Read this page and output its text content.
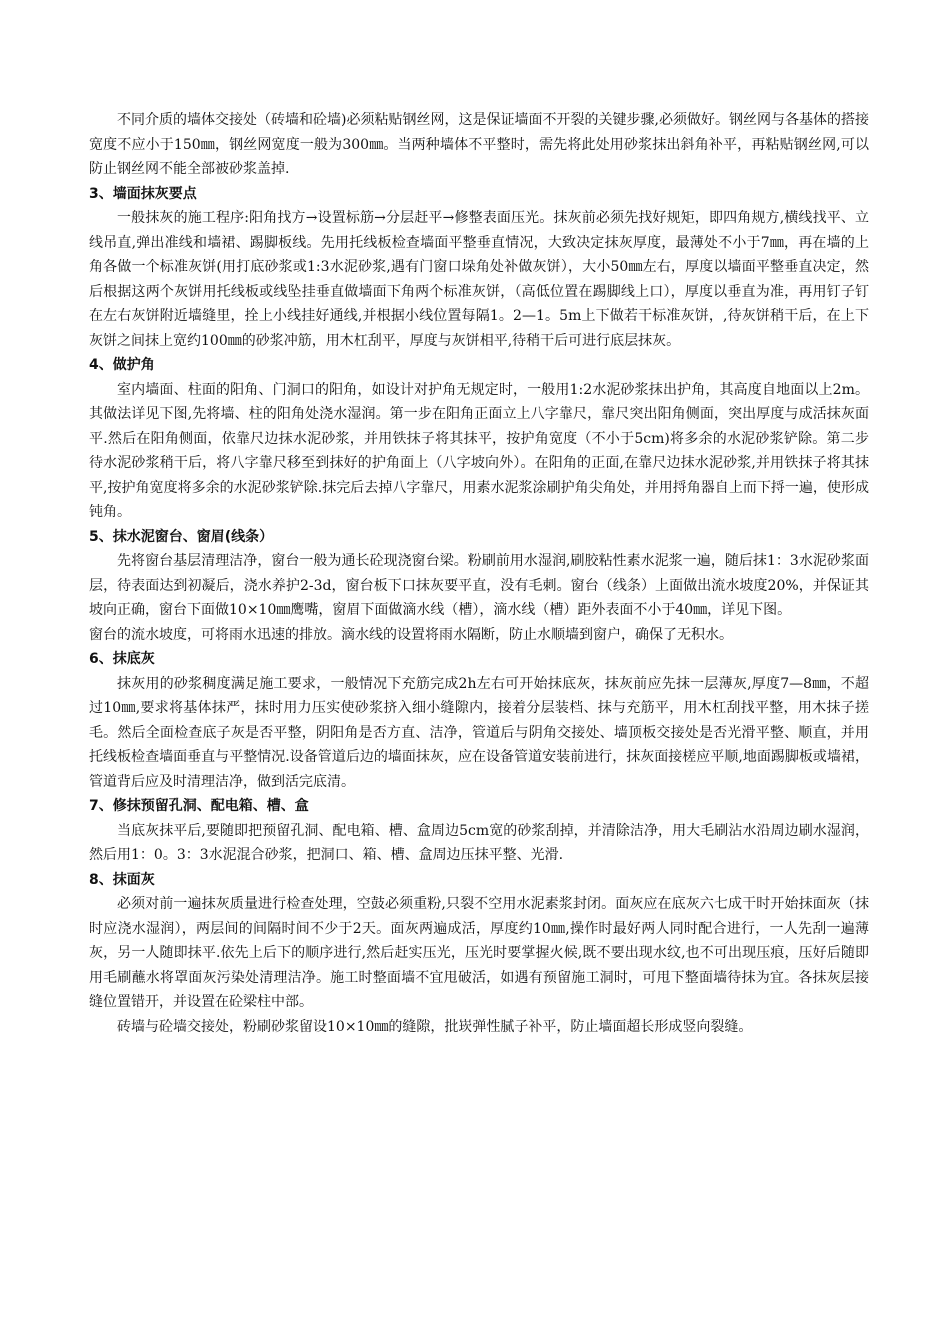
不同介质的墙体交接处（砖墙和砼墙)必须粘贴钢丝网，这是保证墙面不开裂的关键步骤,必须做好。钢丝网与各基体的搭接宽度不应小于150㎜，钢丝网宽度一般为300㎜。当两种墙体不平整时，需先将此处用砂浆抹出斜角补平，再粘贴钢丝网,可以防止钢丝网不能全部被砂浆盖掉.

3、墙面抹灰要点

一般抹灰的施工程序:阳角找方→设置标筋→分层赶平→修整表面压光。抹灰前必须先找好规矩，即四角规方,横线找平、立线吊直,弹出准线和墙裙、踢脚板线。先用托线板检查墙面平整垂直情况，大致决定抹灰厚度，最薄处不小于7㎜，再在墙的上角各做一个标准灰饼(用打底砂浆或1:3水泥砂浆,遇有门窗口垛角处补做灰饼），大小50㎜左右，厚度以墙面平整垂直决定，然后根据这两个灰饼用托线板或线坠挂垂直做墙面下角两个标准灰饼，（高低位置在踢脚线上口），厚度以垂直为准，再用钉子钉在左右灰饼附近墙缝里，拴上小线挂好通线,并根据小线位置每隔1。2—1。5m上下做若干标准灰饼，,待灰饼稍干后，在上下灰饼之间抹上宽约100㎜的砂浆冲筋，用木杠刮平，厚度与灰饼相平,待稍干后可进行底层抹灰。

4、做护角

室内墙面、柱面的阳角、门洞口的阳角，如设计对护角无规定时，一般用1:2水泥砂浆抹出护角，其高度自地面以上2m。其做法详见下图,先将墙、柱的阳角处浇水湿润。第一步在阳角正面立上八字靠尺，靠尺突出阳角侧面，突出厚度与成活抹灰面平.然后在阳角侧面，依靠尺边抹水泥砂浆，并用铁抹子将其抹平，按护角宽度（不小于5cm)将多余的水泥砂浆铲除。第二步待水泥砂浆稍干后，将八字靠尺移至到抹好的护角面上（八字坡向外）。在阳角的正面,在靠尺边抹水泥砂浆,并用铁抹子将其抹平,按护角宽度将多余的水泥砂浆铲除.抹完后去掉八字靠尺，用素水泥浆涂刷护角尖角处，并用捋角器自上而下捋一遍，使形成钝角。

5、抹水泥窗台、窗眉(线条）

先将窗台基层清理洁净，窗台一般为通长砼现浇窗台梁。粉刷前用水湿润,刷胶粘性素水泥浆一遍，随后抹1：3水泥砂浆面层，待表面达到初凝后，浇水养护2-3d，窗台板下口抹灰要平直，没有毛刺。窗台（线条）上面做出流水坡度20%，并保证其坡向正确，窗台下面做10×10㎜鹰嘴，窗眉下面做滴水线（槽），滴水线（槽）距外表面不小于40㎜，详见下图。

窗台的流水坡度，可将雨水迅速的排放。滴水线的设置将雨水隔断，防止水顺墙到窗户，确保了无积水。

6、抹底灰

抹灰用的砂浆稠度满足施工要求，一般情况下充筋完成2h左右可开始抹底灰，抹灰前应先抹一层薄灰,厚度7—8㎜，不超过10㎜,要求将基体抹严，抹时用力压实使砂浆挤入细小缝隙内，接着分层装档、抹与充筋平，用木杠刮找平整，用木抹子搓毛。然后全面检查底子灰是否平整，阴阳角是否方直、洁净，管道后与阴角交接处、墙顶板交接处是否光滑平整、顺直，并用托线板检查墙面垂直与平整情况.设备管道后边的墙面抹灰，应在设备管道安装前进行，抹灰面接槎应平顺,地面踢脚板或墙裙，管道背后应及时清理洁净，做到活完底清。

7、修抹预留孔洞、配电箱、槽、盒

当底灰抹平后,要随即把预留孔洞、配电箱、槽、盒周边5cm宽的砂浆刮掉，并清除洁净，用大毛刷沾水沿周边刷水湿润，然后用1：0。3：3水泥混合砂浆，把洞口、箱、槽、盒周边压抹平整、光滑.

8、抹面灰

必须对前一遍抹灰质量进行检查处理，空鼓必须重粉,只裂不空用水泥素浆封闭。面灰应在底灰六七成干时开始抹面灰（抹时应浇水湿润），两层间的间隔时间不少于2天。面灰两遍成活，厚度约10㎜,操作时最好两人同时配合进行，一人先刮一遍薄灰，另一人随即抹平.依先上后下的顺序进行,然后赶实压光，压光时要掌握火候,既不要出现水纹,也不可出现压痕，压好后随即用毛刷蘸水将罩面灰污染处清理洁净。施工时整面墙不宜甩破活，如遇有预留施工洞时，可甩下整面墙待抹为宜。各抹灰层接缝位置错开，并设置在砼梁柱中部。

砖墙与砼墙交接处，粉刷砂浆留设10×10㎜的缝隙，批崁弹性腻子补平，防止墙面超长形成竖向裂缝。
